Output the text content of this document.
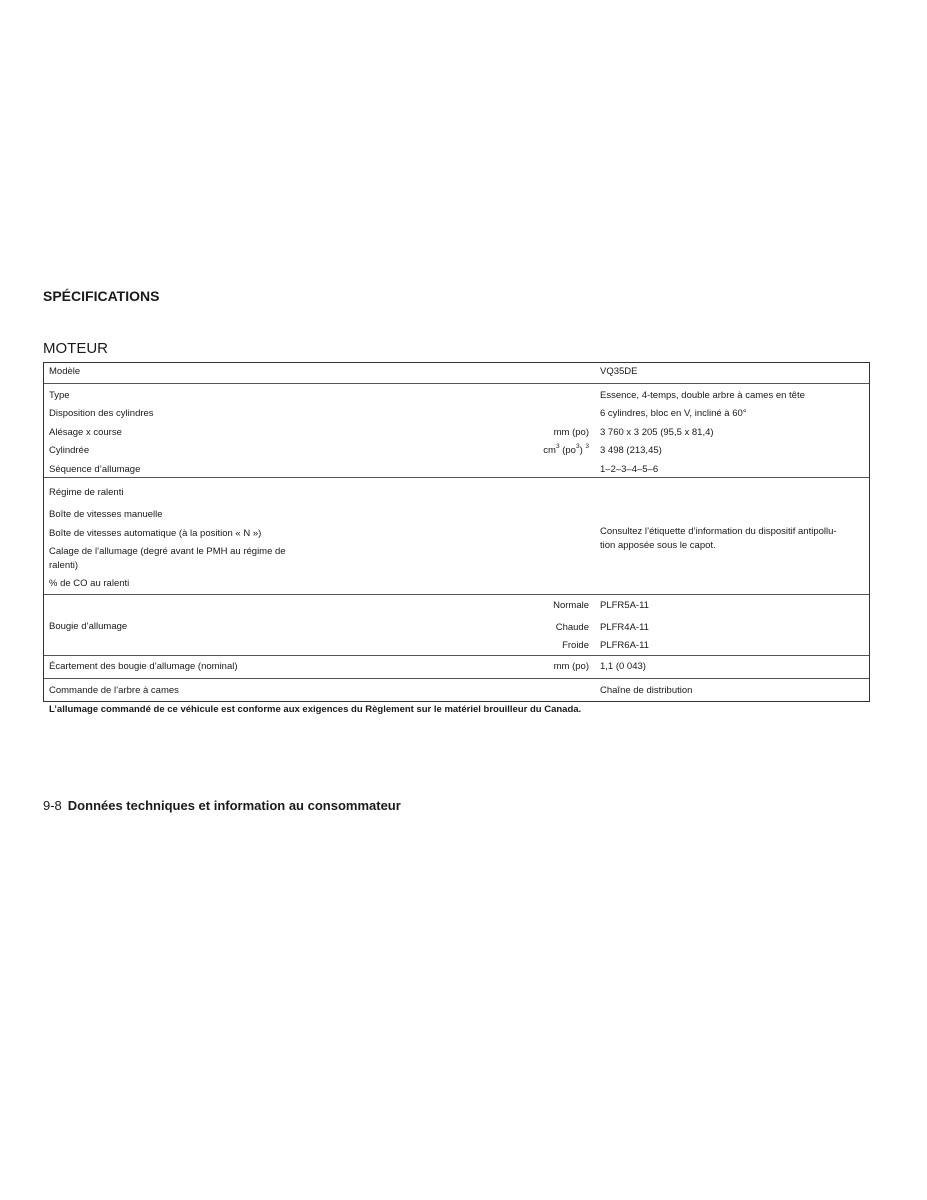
SPÉCIFICATIONS
MOTEUR
Modèle	VQ35DE
Type	Essence, 4-temps, double arbre à cames en tête
Disposition des cylindres	6 cylindres, bloc en V, incliné à 60°
Alésage x course	mm (po) 3 760 x 3 205 (95,5 x 81,4)
Cylindrée	$cm^3$ $(po^3)$ $^3$ 3 498 (213,45)
Séquence d’allumage	1–2–3–4–5–6
Régime de ralenti
Boîte de vitesses manuelle
Boîte de vitesses automatique (à la position « N »)
Calage de l’allumage (degré avant le PMH au régime de
ralenti)
% de CO au ralenti
Consultez l’étiquette d’information du dispositif antipollu-
tion apposée sous le capot.
Bougie d’allumage
Normale PLFR5A-11
Chaude PLFR4A-11
Froide PLFR6A-11
Écartement des bougie d’allumage (nominal)	mm (po) 1,1 (0 043)
Commande de l’arbre à cames	Chaîne de distribution

L’allumage commandé de ce véhicule est conforme aux exigences du Règlement sur le matériel brouilleur du Canada.

9-8 Données techniques et information au consommateur
